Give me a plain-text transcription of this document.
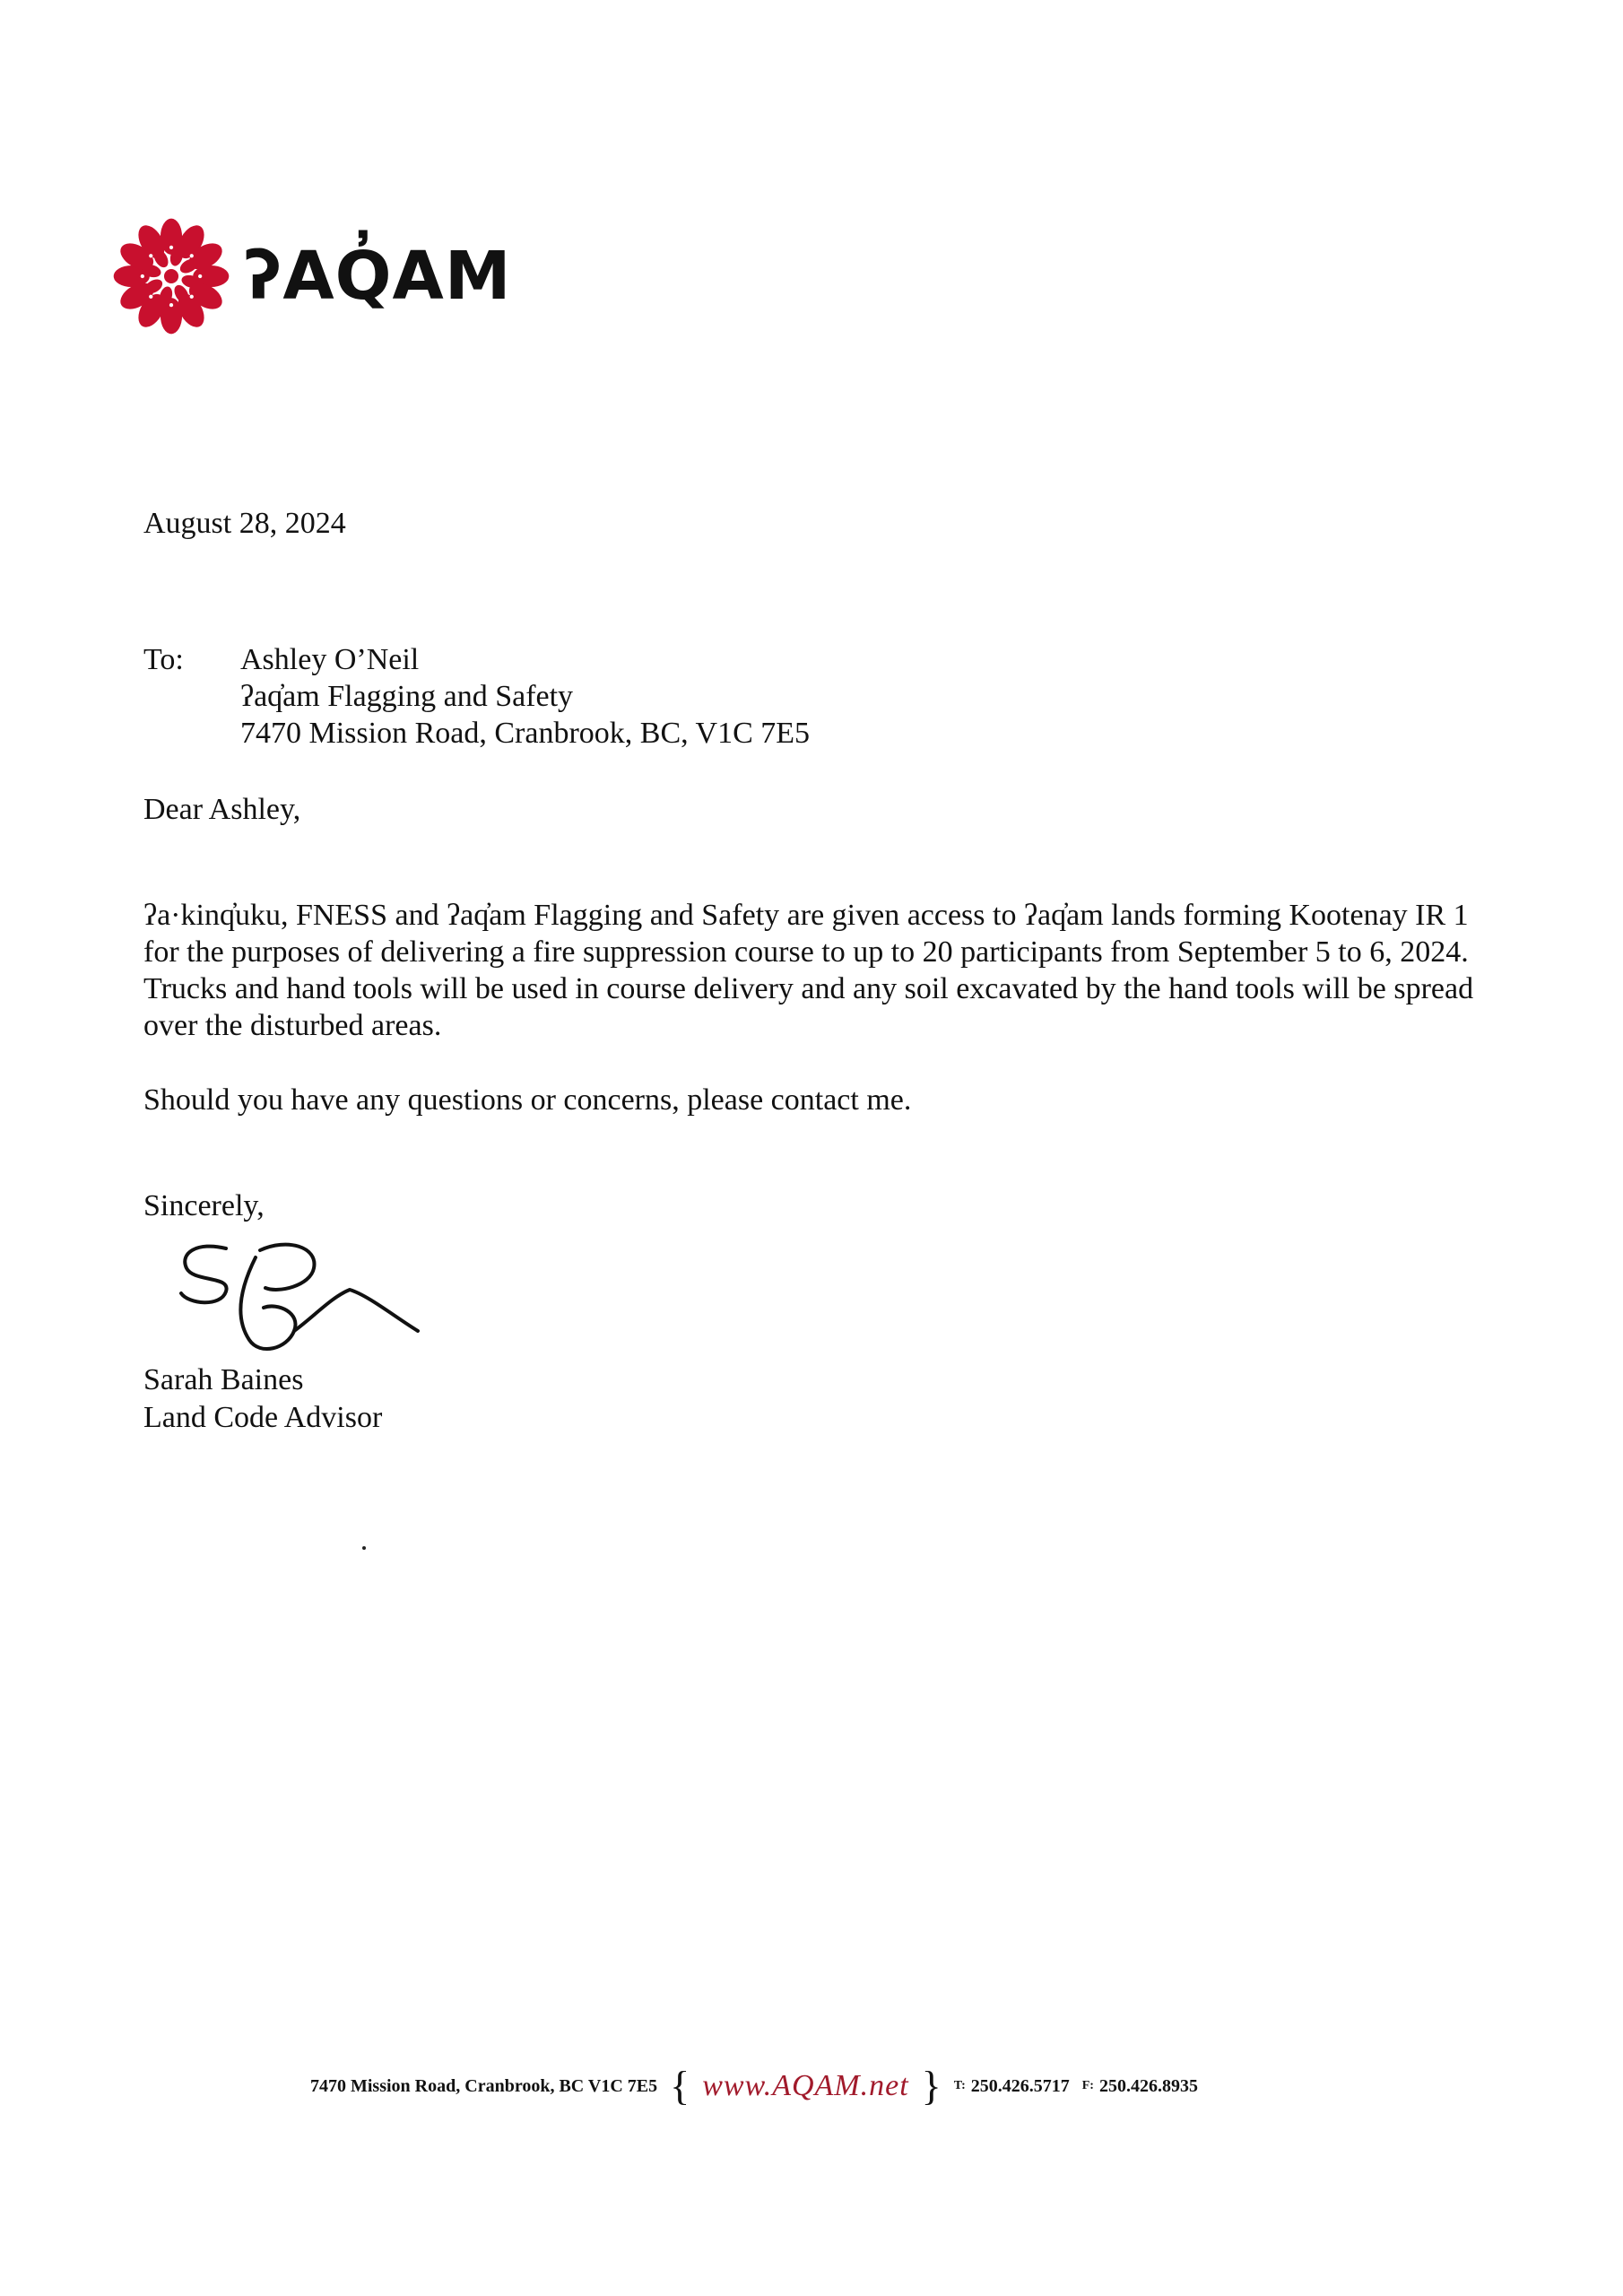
ʔAQ̓AM
August 28, 2024
To: Ashley O’Neil
ʔaq̓am Flagging and Safety
7470 Mission Road, Cranbrook, BC, V1C 7E5
Dear Ashley,
ʔa·kinq̓uku, FNESS and ʔaq̓am Flagging and Safety are given access to ʔaq̓am lands forming Kootenay IR 1 for the purposes of delivering a fire suppression course to up to 20 participants from September 5 to 6, 2024. Trucks and hand tools will be used in course delivery and any soil excavated by the hand tools will be spread over the disturbed areas.
Should you have any questions or concerns, please contact me.
Sincerely,
Sarah Baines
Land Code Advisor
7470 Mission Road, Cranbrook, BC V1C 7E5 { www.AQAM.net } T: 250.426.5717 F: 250.426.8935
